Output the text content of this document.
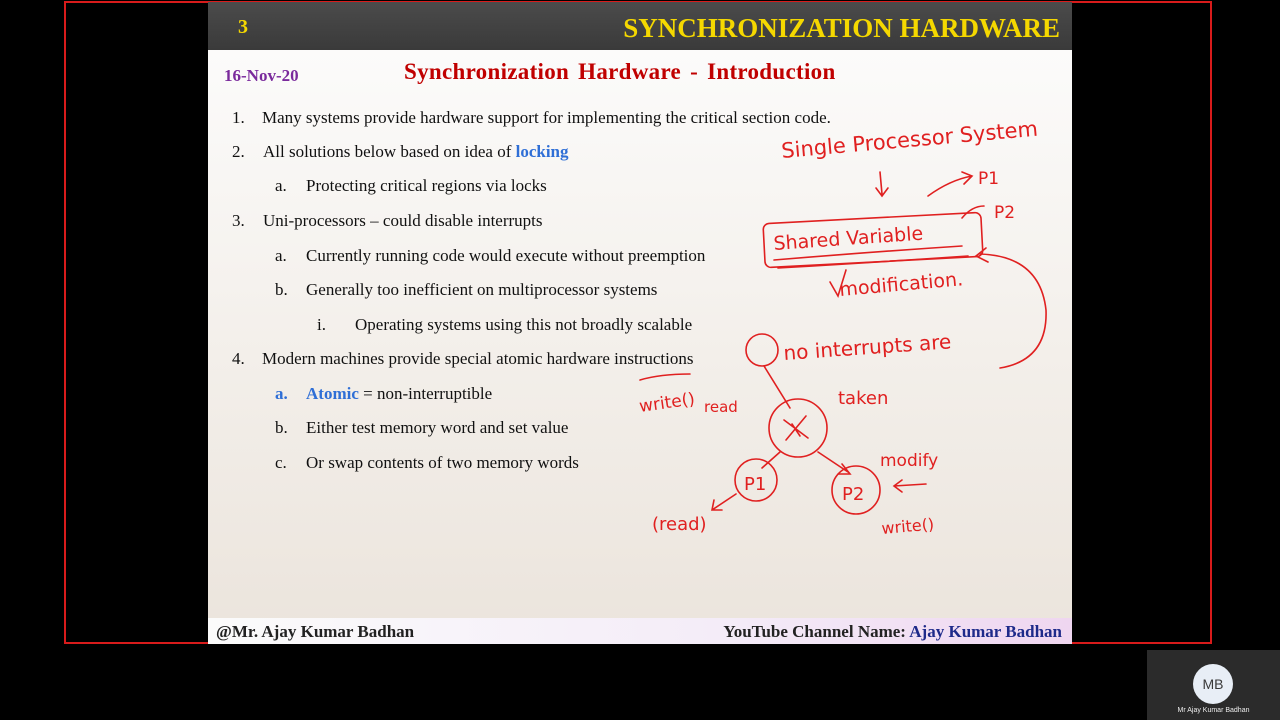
3	SYNCHRONIZATION HARDWARE
16-Nov-20	Synchronization Hardware - Introduction
1. Many systems provide hardware support for implementing the critical section code.
2. All solutions below based on idea of locking
a. Protecting critical regions via locks
3. Uni-processors – could disable interrupts
a. Currently running code would execute without preemption
b. Generally too inefficient on multiprocessor systems
i. Operating systems using this not broadly scalable
4. Modern machines provide special atomic hardware instructions
a. Atomic = non-interruptible
b. Either test memory word and set value
c. Or swap contents of two memory words
@Mr. Ajay Kumar Badhan	YouTube Channel Name: Ajay Kumar Badhan
Single Processor System
P1
P2
Shared Variable
modification.
no interrupts are
taken
write() read
P1	P2
modify
(read)	write()
MB
Mr Ajay Kumar Badhan
